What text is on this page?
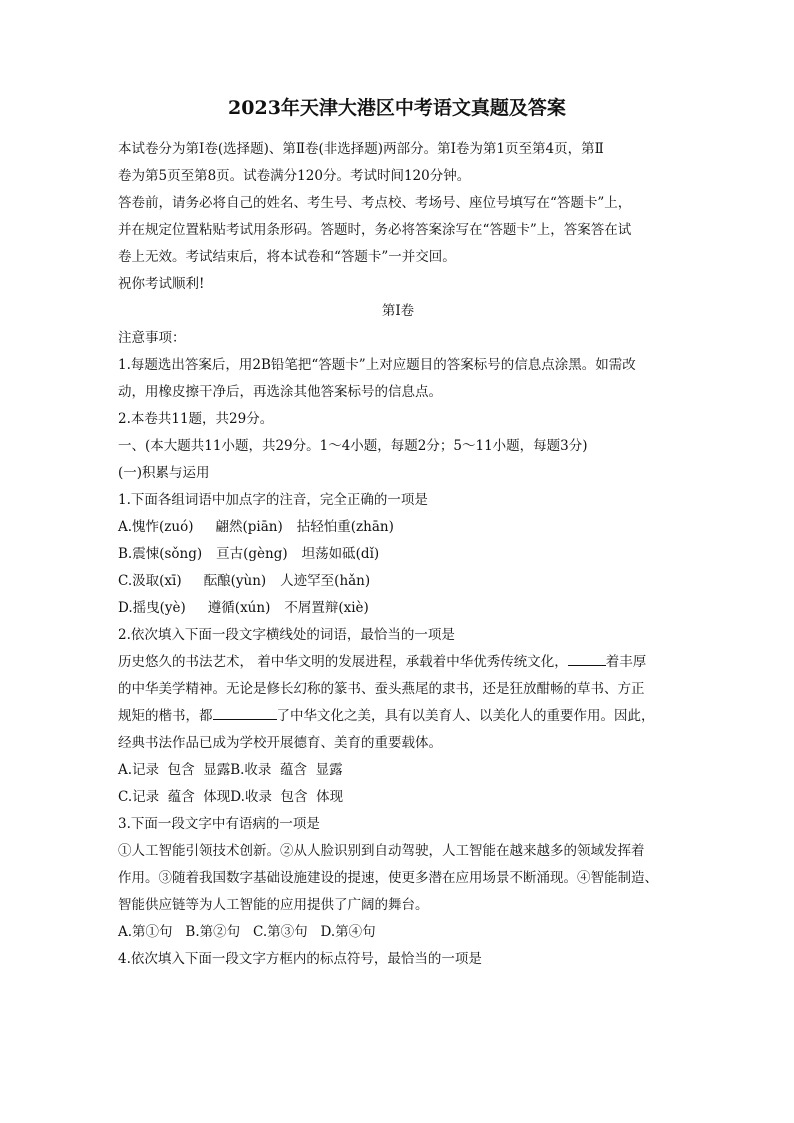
2023年天津大港区中考语文真题及答案

本试卷分为第Ⅰ卷(选择题)、第Ⅱ卷(非选择题)两部分。第Ⅰ卷为第1页至第4页，第Ⅱ

卷为第5页至第8页。试卷满分120分。考试时间120分钟。

答卷前，请务必将自己的姓名、考生号、考点校、考场号、座位号填写在“答题卡”上，

并在规定位置粘贴考试用条形码。答题时，务必将答案涂写在“答题卡”上，答案答在试

卷上无效。考试结束后，将本试卷和“答题卡”一并交回。

祝你考试顺利!

第Ⅰ卷

注意事项：

1.每题选出答案后，用2B铅笔把“答题卡”上对应题目的答案标号的信息点涂黑。如需改

动，用橡皮擦干净后，再选涂其他答案标号的信息点。

2.本卷共11题，共29分。

一、(本大题共11小题，共29分。1～4小题，每题2分；5～11小题，每题3分)

(一)积累与运用

1.下面各组词语中加点字的注音，完全正确的一项是

A.愧怍(zuó) 翩然(piān) 拈轻怕重(zhān)

B.震悚(sǒng) 亘古(gèng) 坦荡如砥(dǐ)

C.汲取(xī) 酝酿(yùn) 人迹罕至(hǎn)

D.摇曳(yè) 遵循(xún) 不屑置辩(xiè)

2.依次填入下面一段文字横线处的词语，最恰当的一项是

历史悠久的书法艺术， 着中华文明的发展进程，承载着中华优秀传统文化，	着丰厚

的中华美学精神。无论是修长幻称的篆书、蚕头燕尾的隶书，还是狂放酣畅的草书、方正

规矩的楷书，都	了中华文化之美，具有以美育人、以美化人的重要作用。因此，

经典书法作品已成为学校开展德育、美育的重要载体。

A.记录  包含  显露B.收录  蕴含  显露

C.记录  蕴含  体现D.收录  包含  体现

3.下面一段文字中有语病的一项是

①人工智能引领技术创新。②从人脸识别到自动驾驶，人工智能在越来越多的领域发挥着

作用。③随着我国数字基础设施建设的提速，使更多潜在应用场景不断涌现。④智能制造、

智能供应链等为人工智能的应用提供了广阔的舞台。

A.第①句   B.第②句   C.第③句   D.第④句

4.依次填入下面一段文字方框内的标点符号，最恰当的一项是
